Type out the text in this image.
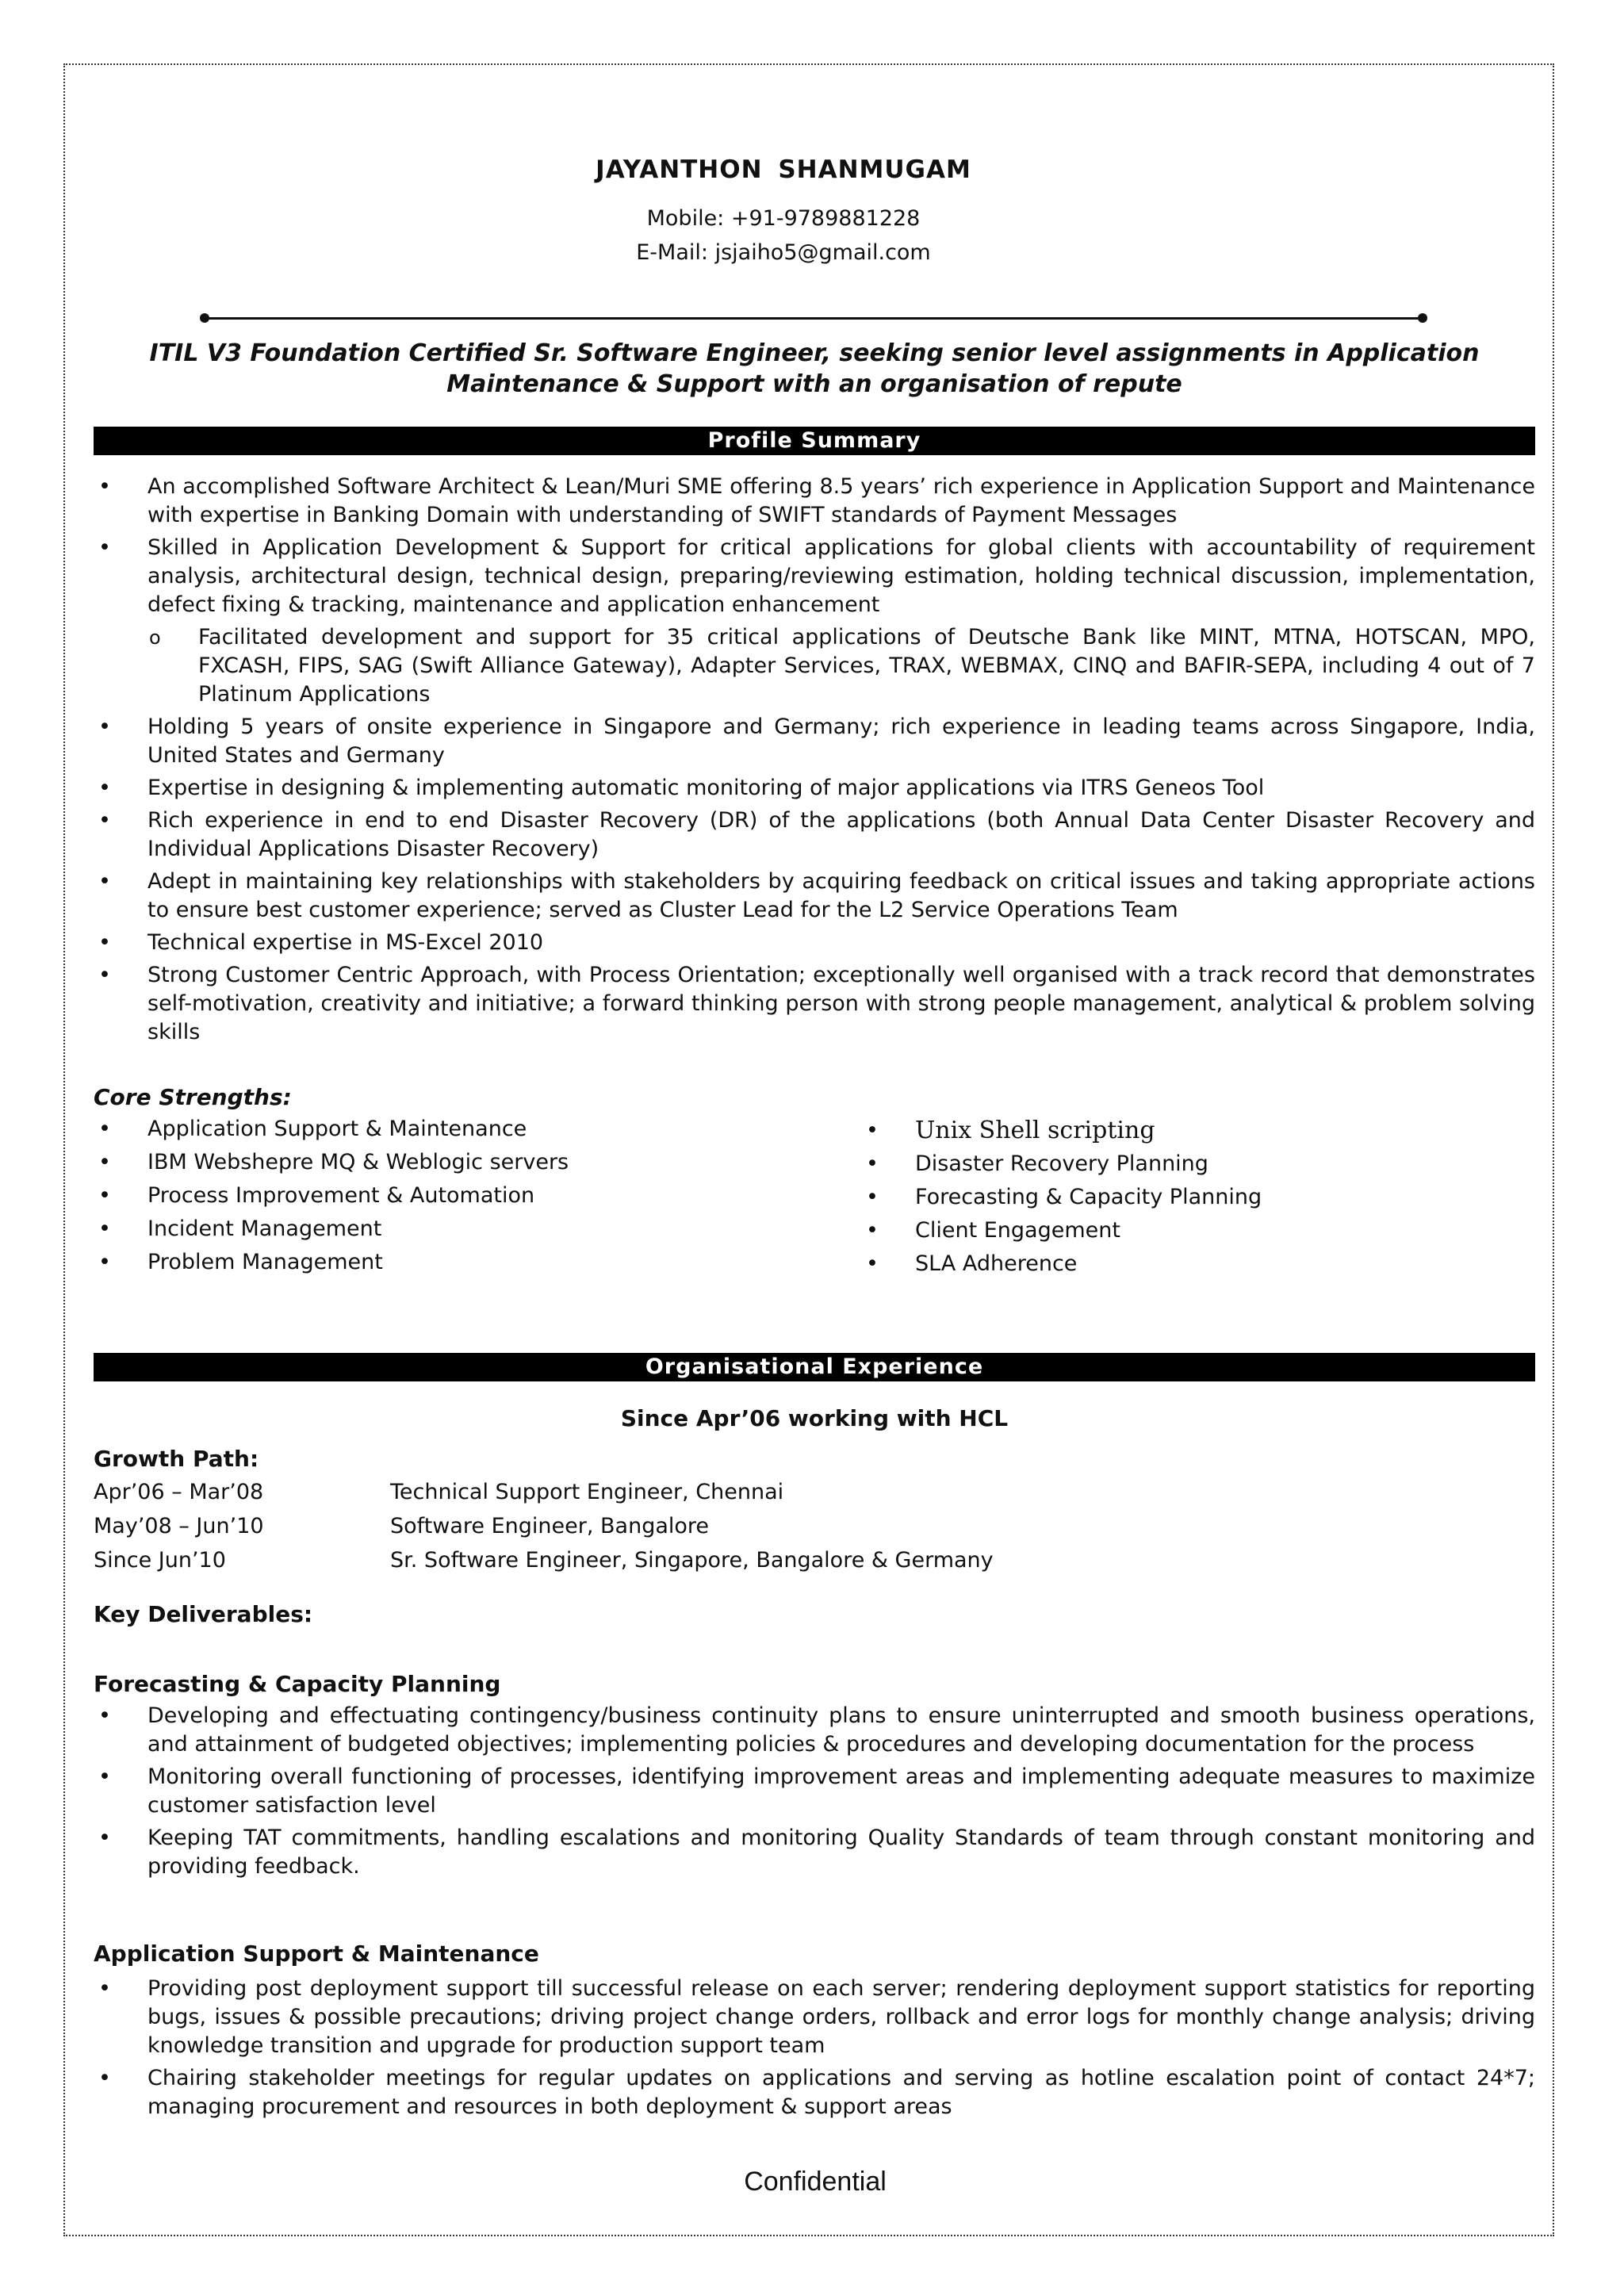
JAYANTHON SHANMUGAM
Mobile: +91-9789881228
E-Mail: jsjaiho5@gmail.com
ITIL V3 Foundation Certified Sr. Software Engineer, seeking senior level assignments in Application
Maintenance & Support with an organisation of repute
Profile Summary
• An accomplished Software Architect & Lean/Muri SME offering 8.5 years’ rich experience in Application Support and Maintenance with expertise in Banking Domain with understanding of SWIFT standards of Payment Messages
• Skilled in Application Development & Support for critical applications for global clients with accountability of requirement analysis, architectural design, technical design, preparing/reviewing estimation, holding technical discussion, implementation, defect fixing & tracking, maintenance and application enhancement
o Facilitated development and support for 35 critical applications of Deutsche Bank like MINT, MTNA, HOTSCAN, MPO, FXCASH, FIPS, SAG (Swift Alliance Gateway), Adapter Services, TRAX, WEBMAX, CINQ and BAFIR-SEPA, including 4 out of 7 Platinum Applications
• Holding 5 years of onsite experience in Singapore and Germany; rich experience in leading teams across Singapore, India, United States and Germany
• Expertise in designing & implementing automatic monitoring of major applications via ITRS Geneos Tool
• Rich experience in end to end Disaster Recovery (DR) of the applications (both Annual Data Center Disaster Recovery and Individual Applications Disaster Recovery)
• Adept in maintaining key relationships with stakeholders by acquiring feedback on critical issues and taking appropriate actions to ensure best customer experience; served as Cluster Lead for the L2 Service Operations Team
• Technical expertise in MS-Excel 2010
• Strong Customer Centric Approach, with Process Orientation; exceptionally well organised with a track record that demonstrates self-motivation, creativity and initiative; a forward thinking person with strong people management, analytical & problem solving skills
Core Strengths:
• Application Support & Maintenance
• IBM Webshepre MQ & Weblogic servers
• Process Improvement & Automation
• Incident Management
• Problem Management
• Unix Shell scripting
• Disaster Recovery Planning
• Forecasting & Capacity Planning
• Client Engagement
• SLA Adherence
Organisational Experience
Since Apr’06 working with HCL
Growth Path:
Apr’06 – Mar’08	Technical Support Engineer, Chennai
May’08 – Jun’10	Software Engineer, Bangalore
Since Jun’10	Sr. Software Engineer, Singapore, Bangalore & Germany
Key Deliverables:
Forecasting & Capacity Planning
• Developing and effectuating contingency/business continuity plans to ensure uninterrupted and smooth business operations, and attainment of budgeted objectives; implementing policies & procedures and developing documentation for the process
• Monitoring overall functioning of processes, identifying improvement areas and implementing adequate measures to maximize customer satisfaction level
• Keeping TAT commitments, handling escalations and monitoring Quality Standards of team through constant monitoring and providing feedback.
Application Support & Maintenance
• Providing post deployment support till successful release on each server; rendering deployment support statistics for reporting bugs, issues & possible precautions; driving project change orders, rollback and error logs for monthly change analysis; driving knowledge transition and upgrade for production support team
• Chairing stakeholder meetings for regular updates on applications and serving as hotline escalation point of contact 24*7; managing procurement and resources in both deployment & support areas
Confidential
